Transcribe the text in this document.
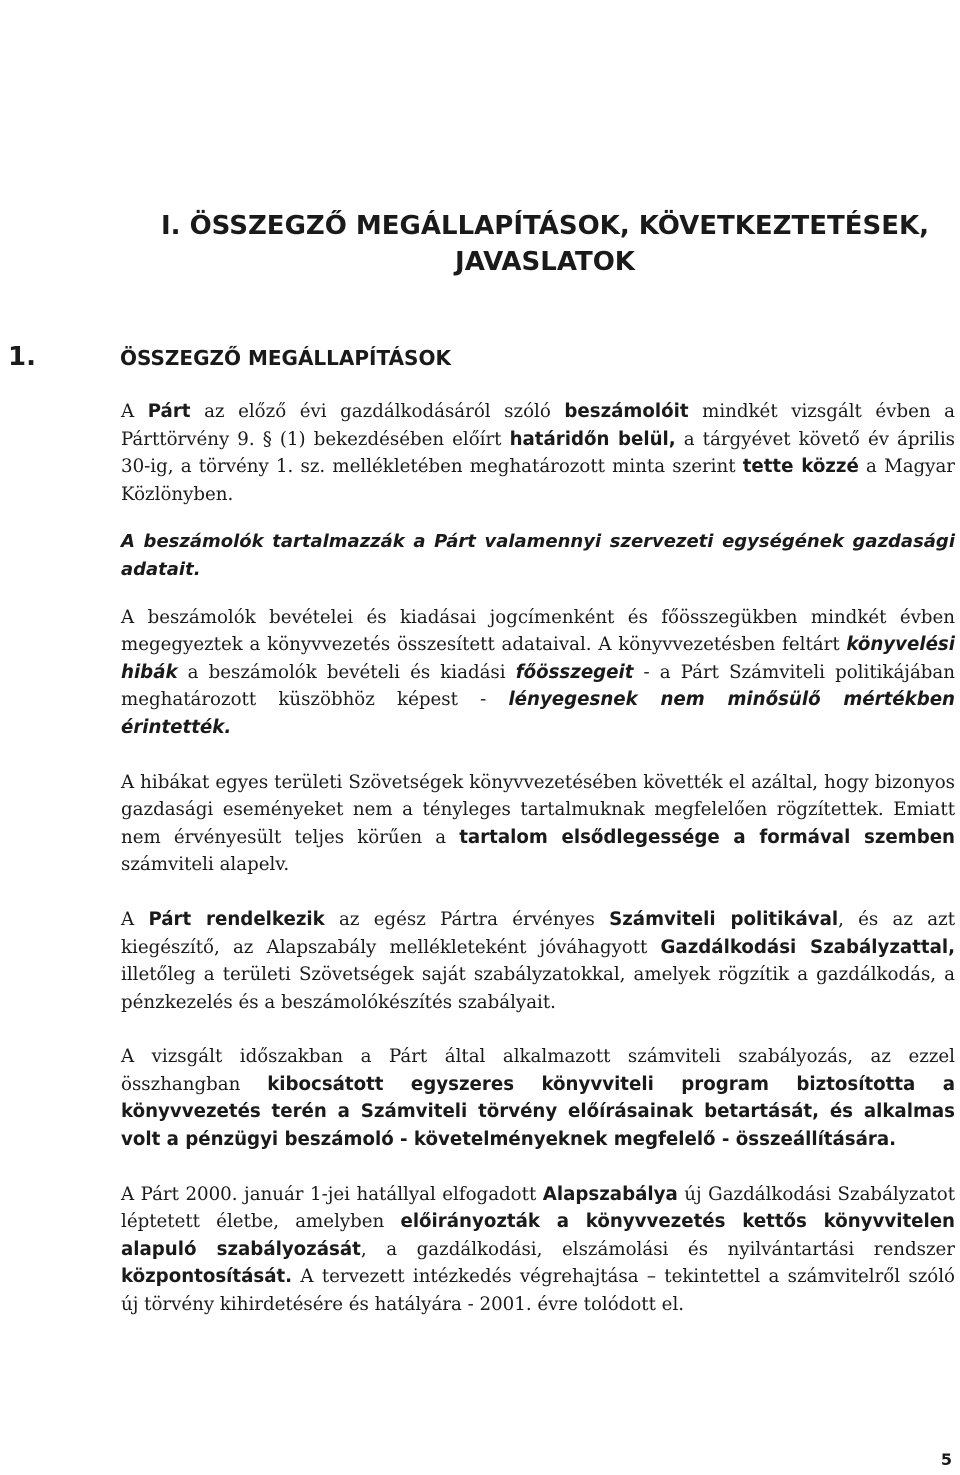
I. ÖSSZEGZŐ MEGÁLLAPÍTÁSOK, KÖVETKEZTETÉSEK,
JAVASLATOK
1.	ÖSSZEGZŐ MEGÁLLAPÍTÁSOK

A Párt az előző évi gazdálkodásáról szóló beszámolóit mindkét vizsgált évben a Párttörvény 9. § (1) bekezdésében előírt határidőn belül, a tárgyévet követő év április 30-ig, a törvény 1. sz. mellékletében meghatározott minta szerint tette közzé a Magyar Közlönyben.

A beszámolók tartalmazzák a Párt valamennyi szervezeti egységének gazdasági adatait.

A beszámolók bevételei és kiadásai jogcímenként és főösszegükben mindkét évben megegyeztek a könyvvezetés összesített adataival. A könyvvezetésben feltárt könyvelési hibák a beszámolók bevételi és kiadási főösszegeit - a Párt Számviteli politikájában meghatározott küszöbhöz képest - lényegesnek nem minősülő mértékben érintették.

A hibákat egyes területi Szövetségek könyvvezetésében követték el azáltal, hogy bizonyos gazdasági eseményeket nem a tényleges tartalmuknak megfelelően rögzítettek. Emiatt nem érvényesült teljes körűen a tartalom elsődlegessége a formával szemben számviteli alapelv.

A Párt rendelkezik az egész Pártra érvényes Számviteli politikával, és az azt kiegészítő, az Alapszabály mellékleteként jóváhagyott Gazdálkodási Szabályzattal, illetőleg a területi Szövetségek saját szabályzatokkal, amelyek rögzítik a gazdálkodás, a pénzkezelés és a beszámolókészítés szabályait.

A vizsgált időszakban a Párt által alkalmazott számviteli szabályozás, az ezzel összhangban kibocsátott egyszeres könyvviteli program biztosította a könyvvezetés terén a Számviteli törvény előírásainak betartását, és alkalmas volt a pénzügyi beszámoló - követelményeknek megfelelő - összeállítására.

A Párt 2000. január 1-jei hatállyal elfogadott Alapszabálya új Gazdálkodási Szabályzatot léptetett életbe, amelyben előirányozták a könyvvezetés kettős könyvvitelen alapuló szabályozását, a gazdálkodási, elszámolási és nyilvántartási rendszer központosítását. A tervezett intézkedés végrehajtása – tekintettel a számvitelről szóló új törvény kihirdetésére és hatályára - 2001. évre tolódott el.

5
